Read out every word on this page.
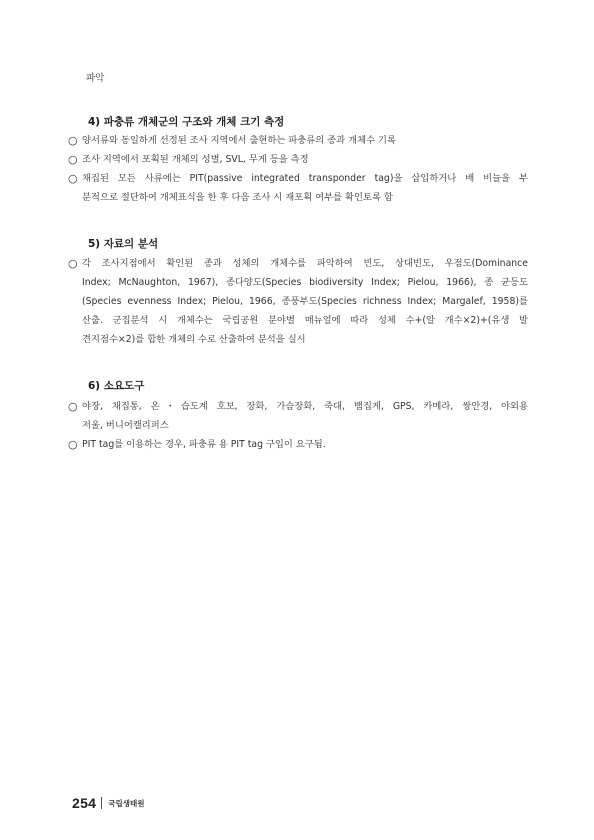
파악
4) 파충류 개체군의 구조와 개체 크기 측정
○ 양서류와 동일하게 선정된 조사 지역에서 출현하는 파충류의 종과 개체수 기록
○ 조사 지역에서 포획된 개체의 성별, SVL, 무게 등을 측정
○ 채집된 모든 사류에는 PIT(passive integrated transponder tag)을 삽입하거나 배 비늘을 부
분적으로 절단하여 개체표식을 한 후 다음 조사 시 재포획 여부를 확인토록 함
5) 자료의 분석
○ 각 조사지점에서 확인된 종과 성체의 개체수를 파악하여 빈도, 상대빈도, 우점도(Dominance
Index; McNaughton, 1967), 종다양도(Species biodiversity Index; Pielou, 1966), 종 균등도
(Species evenness Index; Pielou, 1966, 종풍부도(Species richness Index; Margalef, 1958)를
산출. 군집분석 시 개체수는 국립공원 분야별 매뉴얼에 따라 성체 수+(알 개수×2)+(유생 발
견지점수×2)를 합한 개체의 수로 산출하여 분석을 실시
6) 소요도구
○ 야장, 채집통, 온・습도계 호보, 장화, 가슴장화, 죽대, 뱀집게, GPS, 카메라, 쌍안경, 야외용
저울, 버니어캘리퍼스
○ PIT tag를 이용하는 경우, 파충류 용 PIT tag 구입이 요구됨.
254 국립생태원
